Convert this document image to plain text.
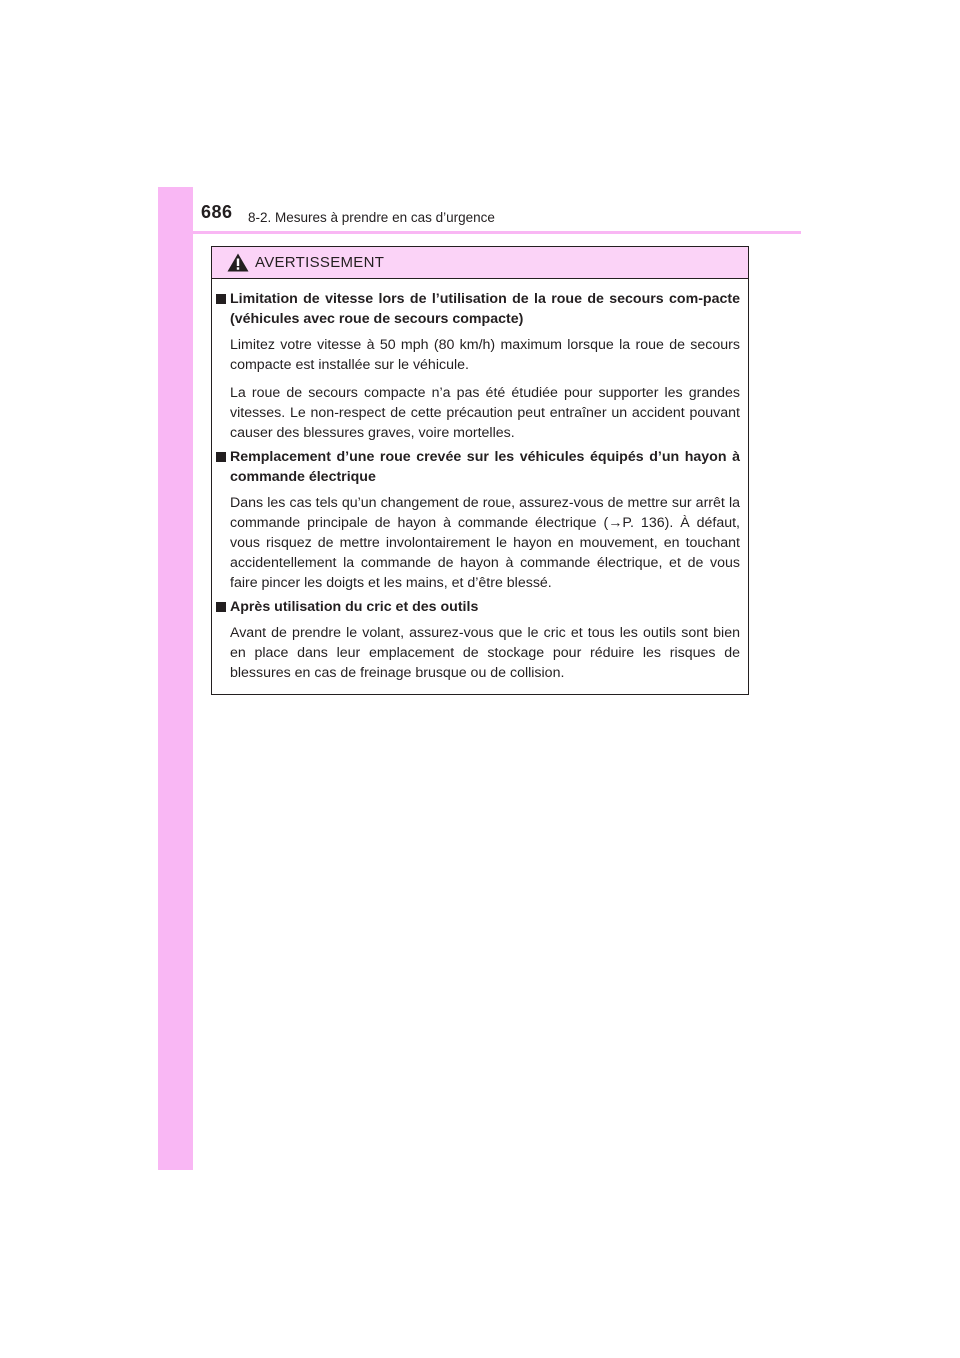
686 8-2. Mesures à prendre en cas d’urgence
AVERTISSEMENT
Limitation de vitesse lors de l’utilisation de la roue de secours com-pacte (véhicules avec roue de secours compacte)
Limitez votre vitesse à 50 mph (80 km/h) maximum lorsque la roue de secours compacte est installée sur le véhicule.
La roue de secours compacte n’a pas été étudiée pour supporter les grandes vitesses. Le non-respect de cette précaution peut entraîner un accident pouvant causer des blessures graves, voire mortelles.
Remplacement d’une roue crevée sur les véhicules équipés d’un hayon à commande électrique
Dans les cas tels qu’un changement de roue, assurez-vous de mettre sur arrêt la commande principale de hayon à commande électrique (→P. 136). À défaut, vous risquez de mettre involontairement le hayon en mouvement, en touchant accidentellement la commande de hayon à commande électrique, et de vous faire pincer les doigts et les mains, et d’être blessé.
Après utilisation du cric et des outils
Avant de prendre le volant, assurez-vous que le cric et tous les outils sont bien en place dans leur emplacement de stockage pour réduire les risques de blessures en cas de freinage brusque ou de collision.
